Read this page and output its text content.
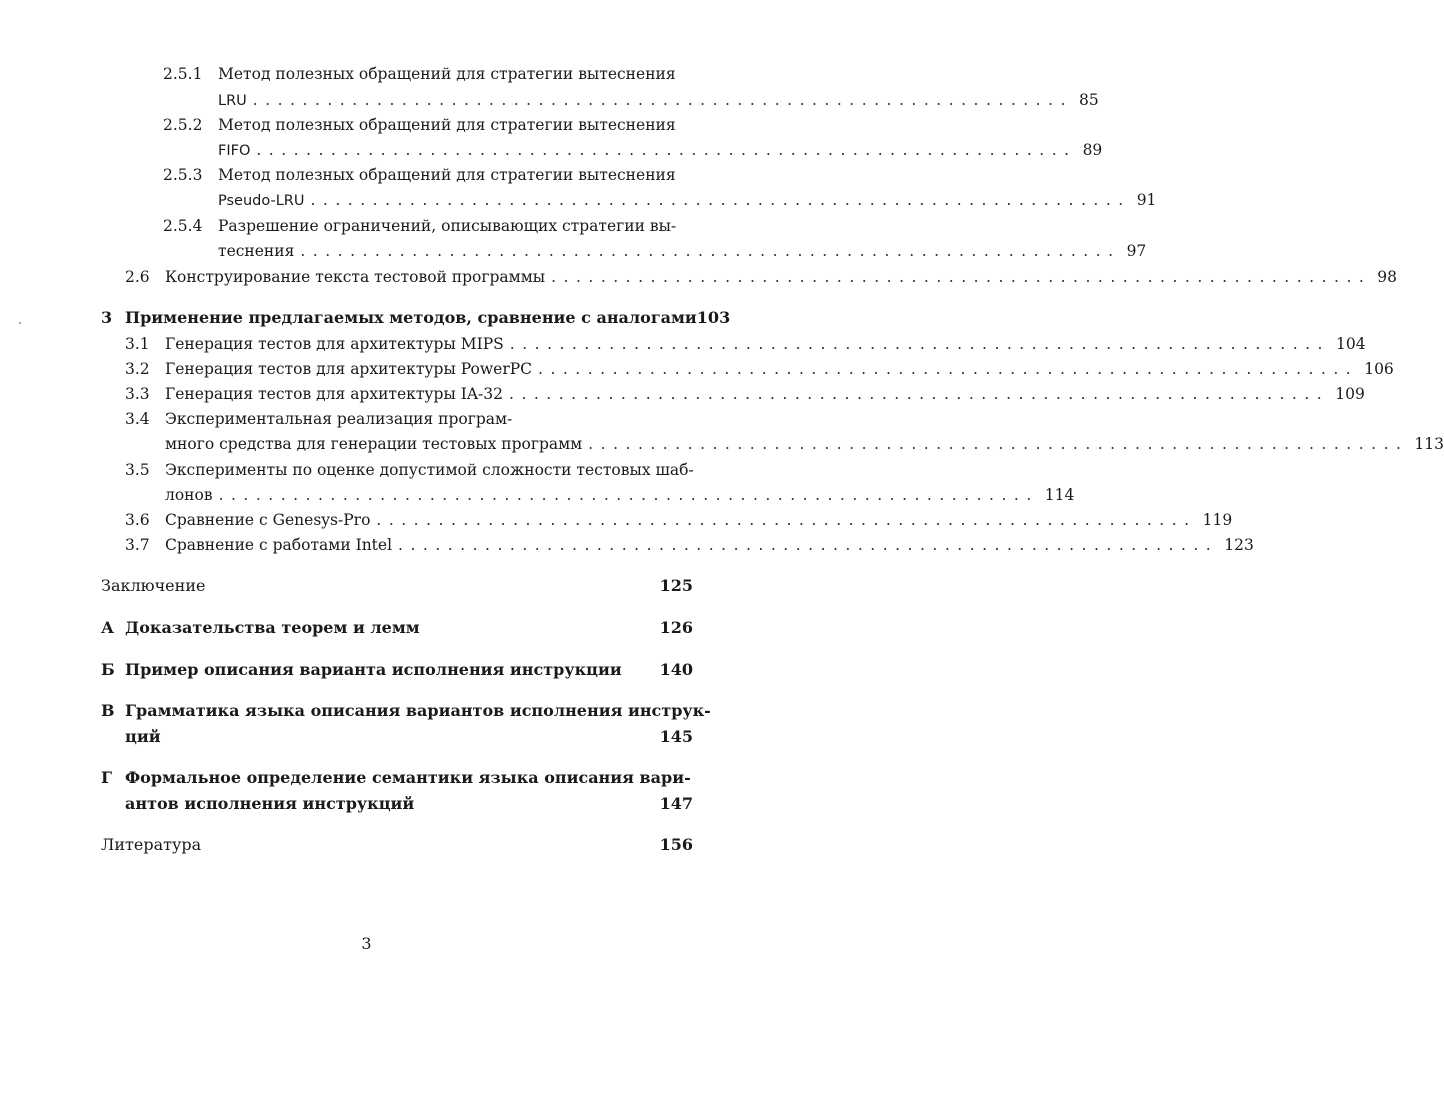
2.5.1	Метод полезных обращений для стратегии вытеснения
LRU .................................................................. 85
2.5.2	Метод полезных обращений для стратегии вытеснения
FIFO .................................................................. 89
2.5.3	Метод полезных обращений для стратегии вытеснения
Pseudo-LRU .................................................................. 91
2.5.4	Разрешение ограничений, описывающих стратегии вы-
теснения .................................................................. 97
2.6 Конструирование текста тестовой программы .................................................................. 98
3 Применение предлагаемых методов, сравнение с аналогами 103
3.1 Генерация тестов для архитектуры MIPS .................................................................. 104
3.2 Генерация тестов для архитектуры PowerPC .................................................................. 106
3.3 Генерация тестов для архитектуры IA-32 .................................................................. 109
3.4 Экспериментальная реализация програм-
много средства для генерации тестовых программ .................................................................. 113
3.5 Эксперименты по оценке допустимой сложности тестовых шаб-
лонов .................................................................. 114
3.6 Сравнение с Genesys-Pro .................................................................. 119
3.7 Сравнение с работами Intel .................................................................. 123
Заключение	125
А Доказательства теорем и лемм	126
Б Пример описания варианта исполнения инструкции	140
В Грамматика языка описания вариантов исполнения инструк-
ций	145
Г Формальное определение семантики языка описания вари-
антов исполнения инструкций	147
Литература	156
3
